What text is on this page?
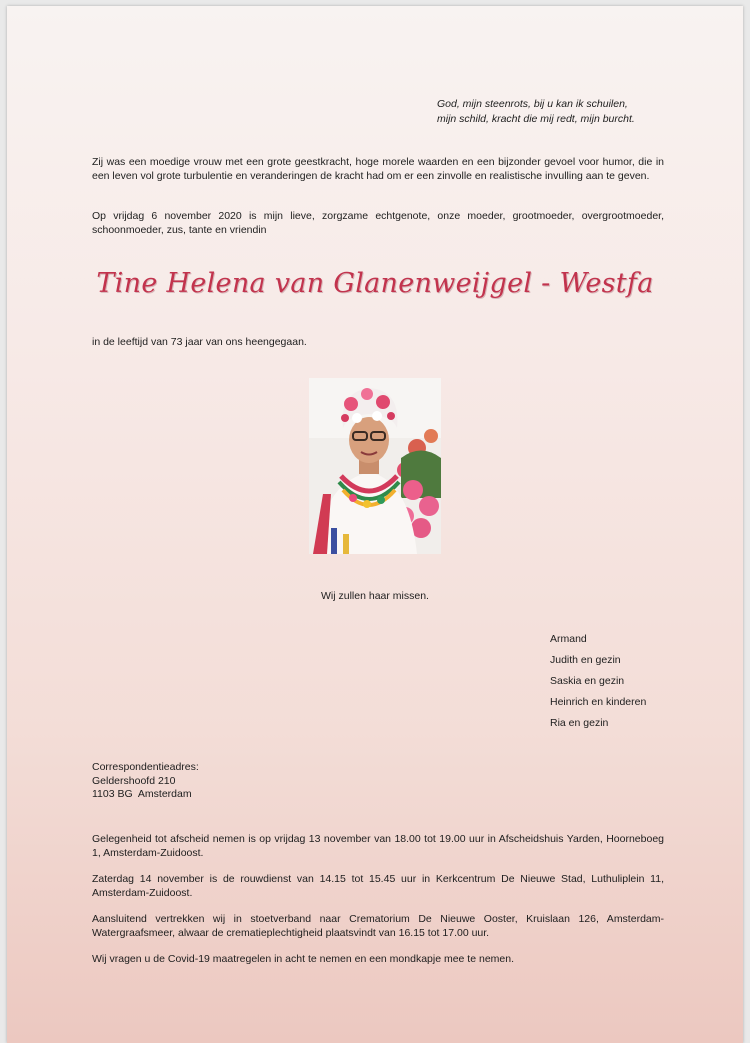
God, mijn steenrots, bij u kan ik schuilen,
mijn schild, kracht die mij redt, mijn burcht.
Zij was een moedige vrouw met een grote geestkracht, hoge morele waarden en een bijzonder gevoel voor humor, die in een leven vol grote turbulentie en veranderingen de kracht had om er een zinvolle en realistische invulling aan te geven.
Op vrijdag 6 november 2020 is mijn lieve, zorgzame echtgenote, onze moeder, grootmoeder, overgrootmoeder, schoonmoeder, zus, tante en vriendin
Tine Helena van Glanenweijgel - Westfa
in de leeftijd van 73 jaar van ons heengegaan.
Wij zullen haar missen.
Armand
Judith en gezin
Saskia en gezin
Heinrich en kinderen
Ria en gezin
Correspondentieadres:
Geldershoofd 210
1103 BG  Amsterdam
Gelegenheid tot afscheid nemen is op vrijdag 13 november van 18.00 tot 19.00 uur in Afscheidshuis Yarden, Hoorneboeg 1, Amsterdam-Zuidoost.
Zaterdag 14 november is de rouwdienst van 14.15 tot 15.45 uur in Kerkcentrum De Nieuwe Stad, Luthuliplein 11, Amsterdam-Zuidoost.
Aansluitend vertrekken wij in stoetverband naar Crematorium De Nieuwe Ooster, Kruislaan 126, Amsterdam-Watergraafsmeer, alwaar de crematieplechtigheid plaatsvindt van 16.15 tot 17.00 uur.
Wij vragen u de Covid-19 maatregelen in acht te nemen en een mondkapje mee te nemen.
